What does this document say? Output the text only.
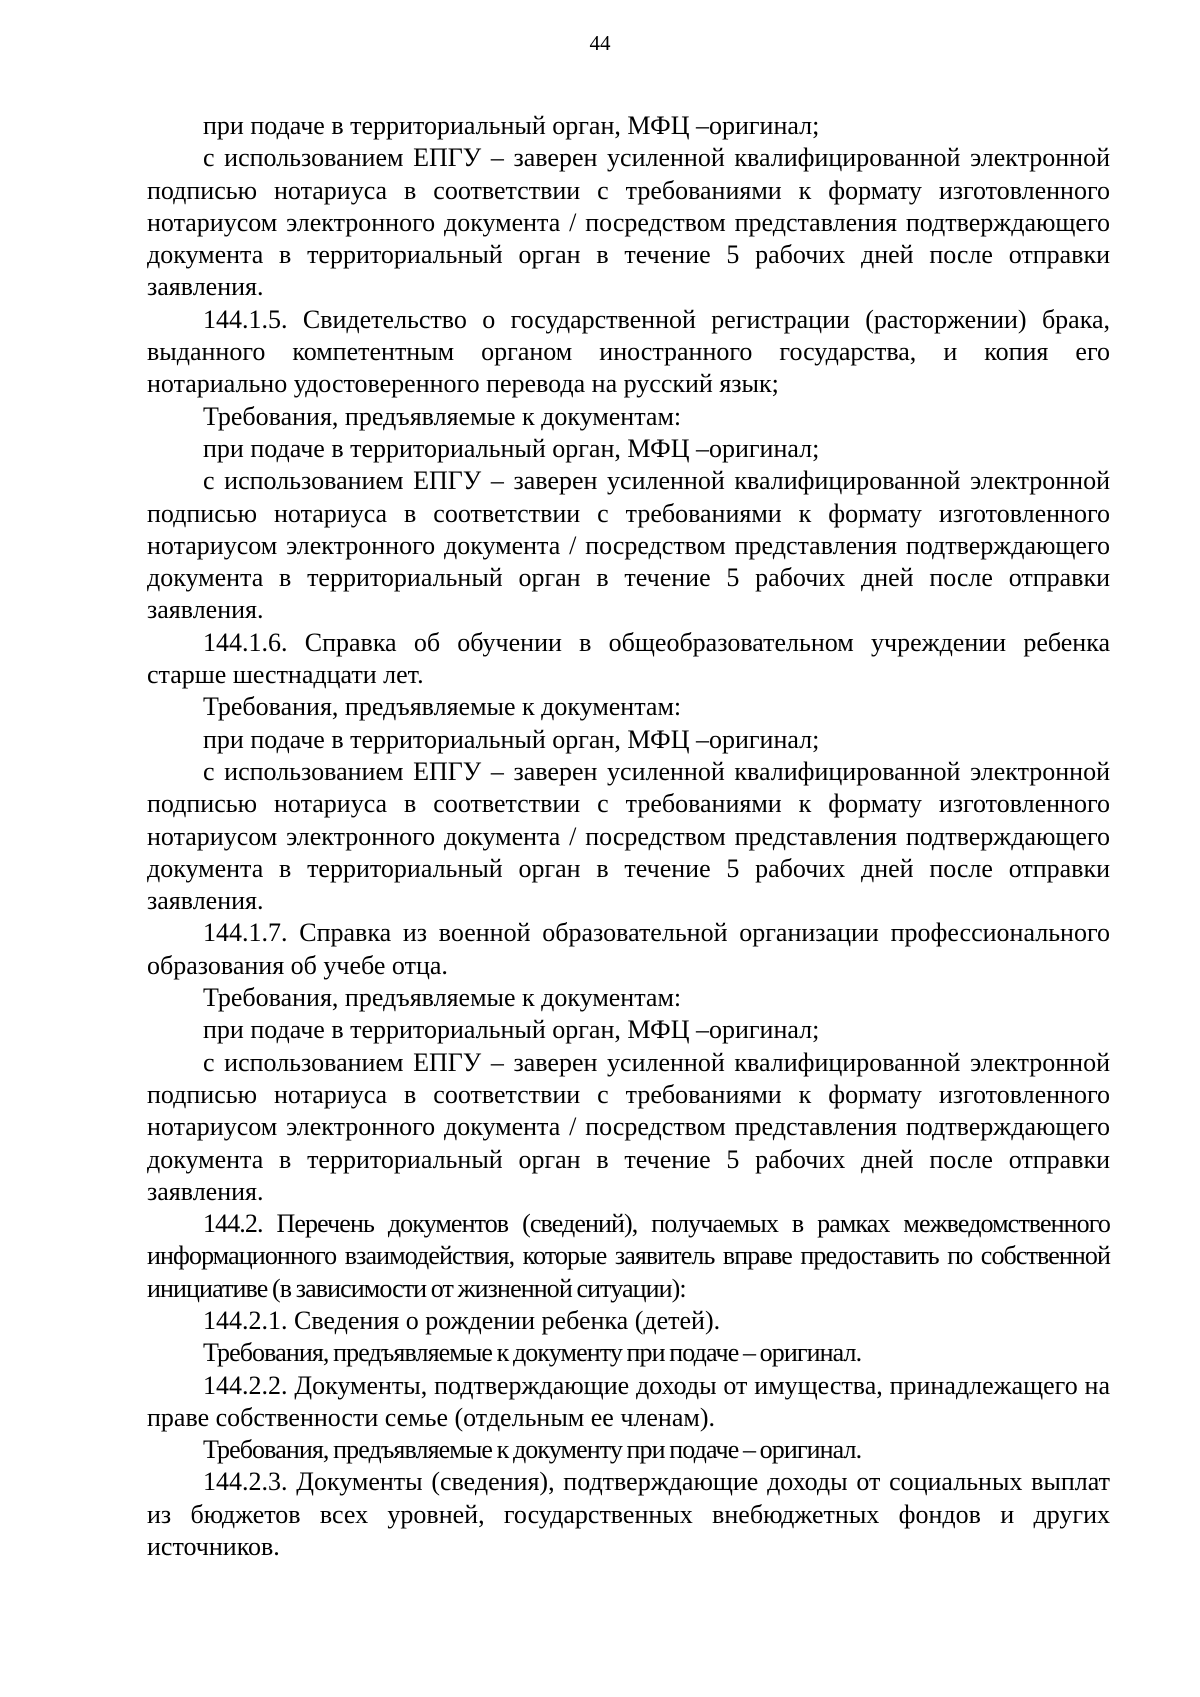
44

при подаче в территориальный орган, МФЦ –оригинал;

с использованием ЕПГУ – заверен усиленной квалифицированной электронной подписью нотариуса в соответствии с требованиями к формату изготовленного нотариусом электронного документа / посредством представления подтверждающего документа в территориальный орган в течение 5 рабочих дней после отправки заявления.

144.1.5. Свидетельство о государственной регистрации (расторжении) брака, выданного компетентным органом иностранного государства, и копия его нотариально удостоверенного перевода на русский язык;

Требования, предъявляемые к документам:

при подаче в территориальный орган, МФЦ –оригинал;

с использованием ЕПГУ – заверен усиленной квалифицированной электронной подписью нотариуса в соответствии с требованиями к формату изготовленного нотариусом электронного документа / посредством представления подтверждающего документа в территориальный орган в течение 5 рабочих дней после отправки заявления.

144.1.6. Справка об обучении в общеобразовательном учреждении ребенка старше шестнадцати лет.

Требования, предъявляемые к документам:

при подаче в территориальный орган, МФЦ –оригинал;

с использованием ЕПГУ – заверен усиленной квалифицированной электронной подписью нотариуса в соответствии с требованиями к формату изготовленного нотариусом электронного документа / посредством представления подтверждающего документа в территориальный орган в течение 5 рабочих дней после отправки заявления.

144.1.7. Справка из военной образовательной организации профессионального образования об учебе отца.

Требования, предъявляемые к документам:

при подаче в территориальный орган, МФЦ –оригинал;

с использованием ЕПГУ – заверен усиленной квалифицированной электронной подписью нотариуса в соответствии с требованиями к формату изготовленного нотариусом электронного документа / посредством представления подтверждающего документа в территориальный орган в течение 5 рабочих дней после отправки заявления.

144.2. Перечень документов (сведений), получаемых в рамках межведомственного информационного взаимодействия, которые заявитель вправе предоставить по собственной инициативе (в зависимости от жизненной ситуации):

144.2.1. Сведения о рождении ребенка (детей).

Требования, предъявляемые к документу при подаче – оригинал.

144.2.2. Документы, подтверждающие доходы от имущества, принадлежащего на праве собственности семье (отдельным ее членам).

Требования, предъявляемые к документу при подаче – оригинал.

144.2.3. Документы (сведения), подтверждающие доходы от социальных выплат из бюджетов всех уровней, государственных внебюджетных фондов и других источников.
